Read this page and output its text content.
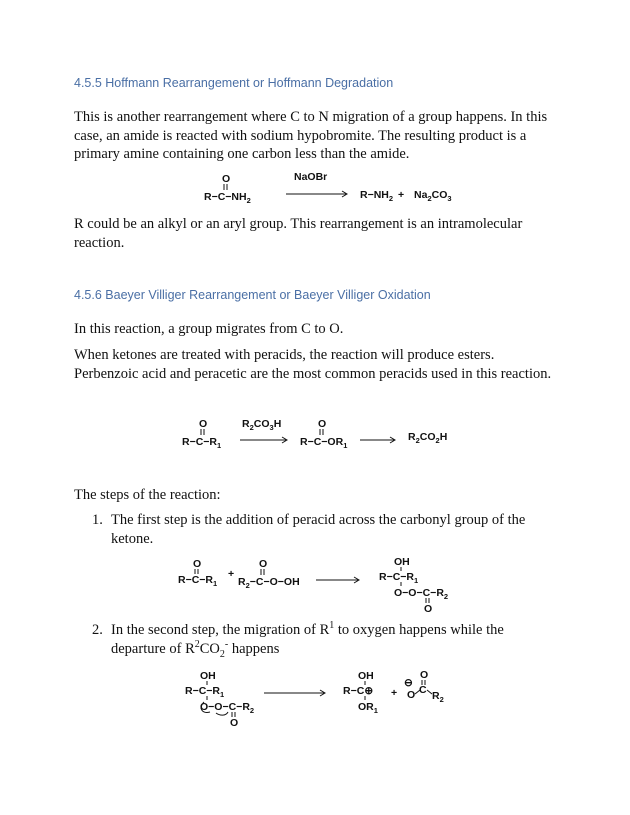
4.5.5 Hoffmann Rearrangement or Hoffmann Degradation
This is another rearrangement where C to N migration of a group happens. In this case, an amide is reacted with sodium hypobromite. The resulting product is a primary amine containing one carbon less than the amide.
O
$R-C-NH_2$
NaOBr
$R-NH_2 + Na_2CO_3$
R could be an alkyl or an aryl group. This rearrangement is an intramolecular reaction.
4.5.6 Baeyer Villiger Rearrangement or Baeyer Villiger Oxidation
In this reaction, a group migrates from C to O.
When ketones are treated with peracids, the reaction will produce esters. Perbenzoic acid and peracetic are the most common peracids used in this reaction.
O
$R-C-R_1$
$R_2CO_3H$	O
$R-C-OR_1$
$R_2CO_2H$
The steps of the reaction:
1. The first step is the addition of peracid across the carbonyl group of the ketone.
O
$R-C-R_1$
+
O
$R_2-C-O-OH$
OH
$R-C-R_1$
$O-O-C-R_2$
O
2. In the second step, the migration of $R^1$ to oxygen happens while the departure of $R^2CO_2^-$ happens
OH
$R-C-R_1$
$O-O-C-R_2$
O
OH
R−C⊕
$OR_1$
+
⊖
O
O C $R_2$
